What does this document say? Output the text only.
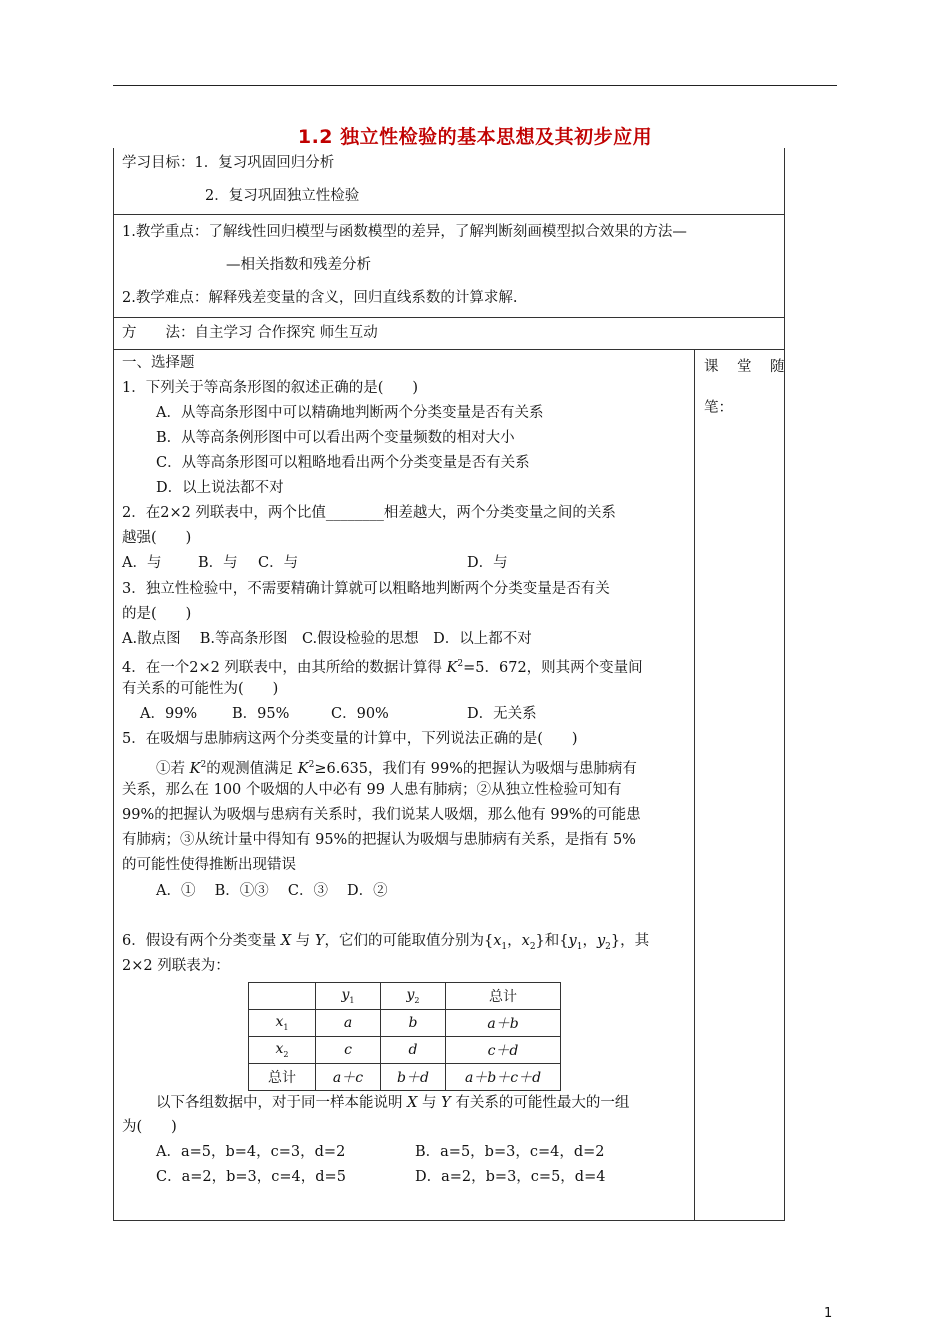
1.2 独立性检验的基本思想及其初步应用
学习目标：1．复习巩固回归分析
2．复习巩固独立性检验
1.教学重点：了解线性回归模型与函数模型的差异，了解判断刻画模型拟合效果的方法—
—相关指数和残差分析
2.教学难点：解释残差变量的含义，回归直线系数的计算求解.
方　　法：自主学习 合作探究 师生互动
课　堂　随
笔：
一、选择题
1．下列关于等高条形图的叙述正确的是(　　)
A．从等高条形图中可以精确地判断两个分类变量是否有关系
B．从等高条例形图中可以看出两个变量频数的相对大小
C．从等高条形图可以粗略地看出两个分类变量是否有关系
D．以上说法都不对
2．在2×2 列联表中，两个比值________相差越大，两个分类变量之间的关系
越强(　　)
A．与	B．与 C．与	D．与
3．独立性检验中，不需要精确计算就可以粗略地判断两个分类变量是否有关
的是(　　)
A.散点图　 B.等高条形图　C.假设检验的思想　D．以上都不对
4．在一个2×2 列联表中，由其所给的数据计算得 $K^2=5$．672，则其两个变量间
有关系的可能性为(　　)
A．99% B．95%	C．90%	D．无关系
5．在吸烟与患肺病这两个分类变量的计算中，下列说法正确的是(　　)
①若 $K^2$的观测值满足 $K^2\ge 6.635$，我们有 99%的把握认为吸烟与患肺病有
关系，那么在 100 个吸烟的人中必有 99 人患有肺病；②从独立性检验可知有
99%的把握认为吸烟与患病有关系时，我们说某人吸烟，那么他有 99%的可能患
有肺病；③从统计量中得知有 95%的把握认为吸烟与患肺病有关系，是指有 5%
的可能性使得推断出现错误
A．①　 B．①③　 C．③　 D．②
6．假设有两个分类变量 X 与 Y，它们的可能取值分别为{$x_1$，$x_2$}和{$y_1$，$y_2$}，其
2×2 列联表为：
	$y_1$	$y_2$	总计
$x_1$	a	b	a＋b
$x_2$	c	d	c＋d
总计	a＋c	b＋d	a＋b＋c＋d
以下各组数据中，对于同一样本能说明 X 与 Y 有关系的可能性最大的一组
为(　　)
A．a=5，b=4，c=3，d=2	B．a=5，b=3，c=4，d=2
C．a=2，b=3，c=4，d=5	D．a=2，b=3，c=5，d=4
1
